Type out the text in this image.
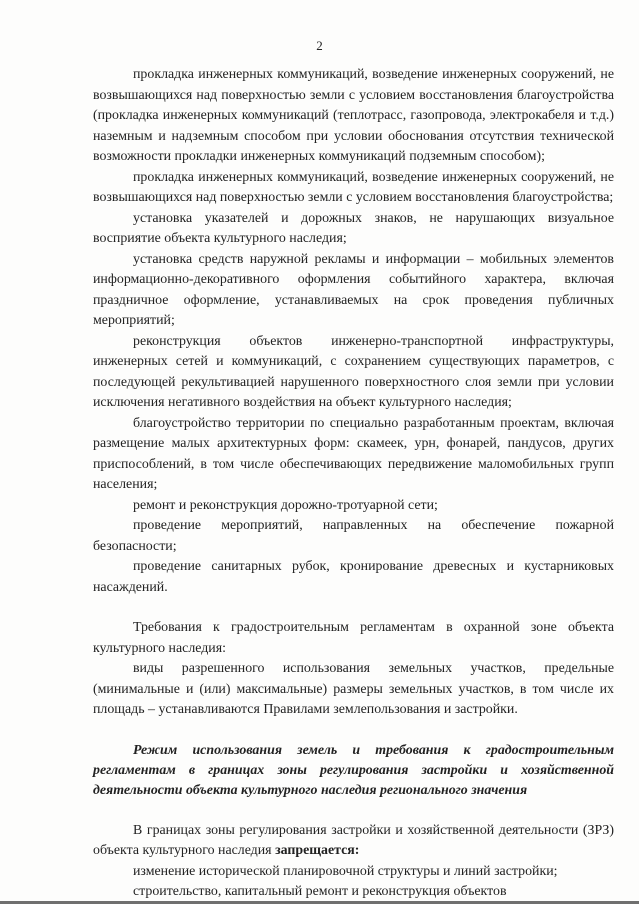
2

прокладка инженерных коммуникаций, возведение инженерных сооружений, не возвышающихся над поверхностью земли с условием восстановления благоустройства (прокладка инженерных коммуникаций (теплотрасс, газопровода, электрокабеля и т.д.) наземным и надземным способом при условии обоснования отсутствия технической возможности прокладки инженерных коммуникаций подземным способом);

прокладка инженерных коммуникаций, возведение инженерных сооружений, не возвышающихся над поверхностью земли с условием восстановления благоустройства;

установка указателей и дорожных знаков, не нарушающих визуальное восприятие объекта культурного наследия;

установка средств наружной рекламы и информации – мобильных элементов информационно-декоративного оформления событийного характера, включая праздничное оформление, устанавливаемых на срок проведения публичных мероприятий;

реконструкция объектов инженерно-транспортной инфраструктуры, инженерных сетей и коммуникаций, с сохранением существующих параметров, с последующей рекультивацией нарушенного поверхностного слоя земли при условии исключения негативного воздействия на объект культурного наследия;

благоустройство территории по специально разработанным проектам, включая размещение малых архитектурных форм: скамеек, урн, фонарей, пандусов, других приспособлений, в том числе обеспечивающих передвижение маломобильных групп населения;

ремонт и реконструкция дорожно-тротуарной сети;

проведение мероприятий, направленных на обеспечение пожарной безопасности;

проведение санитарных рубок, кронирование древесных и кустарниковых насаждений.

Требования к градостроительным регламентам в охранной зоне объекта культурного наследия:

виды разрешенного использования земельных участков, предельные (минимальные и (или) максимальные) размеры земельных участков, в том числе их площадь – устанавливаются Правилами землепользования и застройки.

Режим использования земель и требования к градостроительным регламентам в границах зоны регулирования застройки и хозяйственной деятельности объекта культурного наследия регионального значения

В границах зоны регулирования застройки и хозяйственной деятельности (ЗРЗ) объекта культурного наследия запрещается:

изменение исторической планировочной структуры и линий застройки;

строительство, капитальный ремонт и реконструкция объектов
